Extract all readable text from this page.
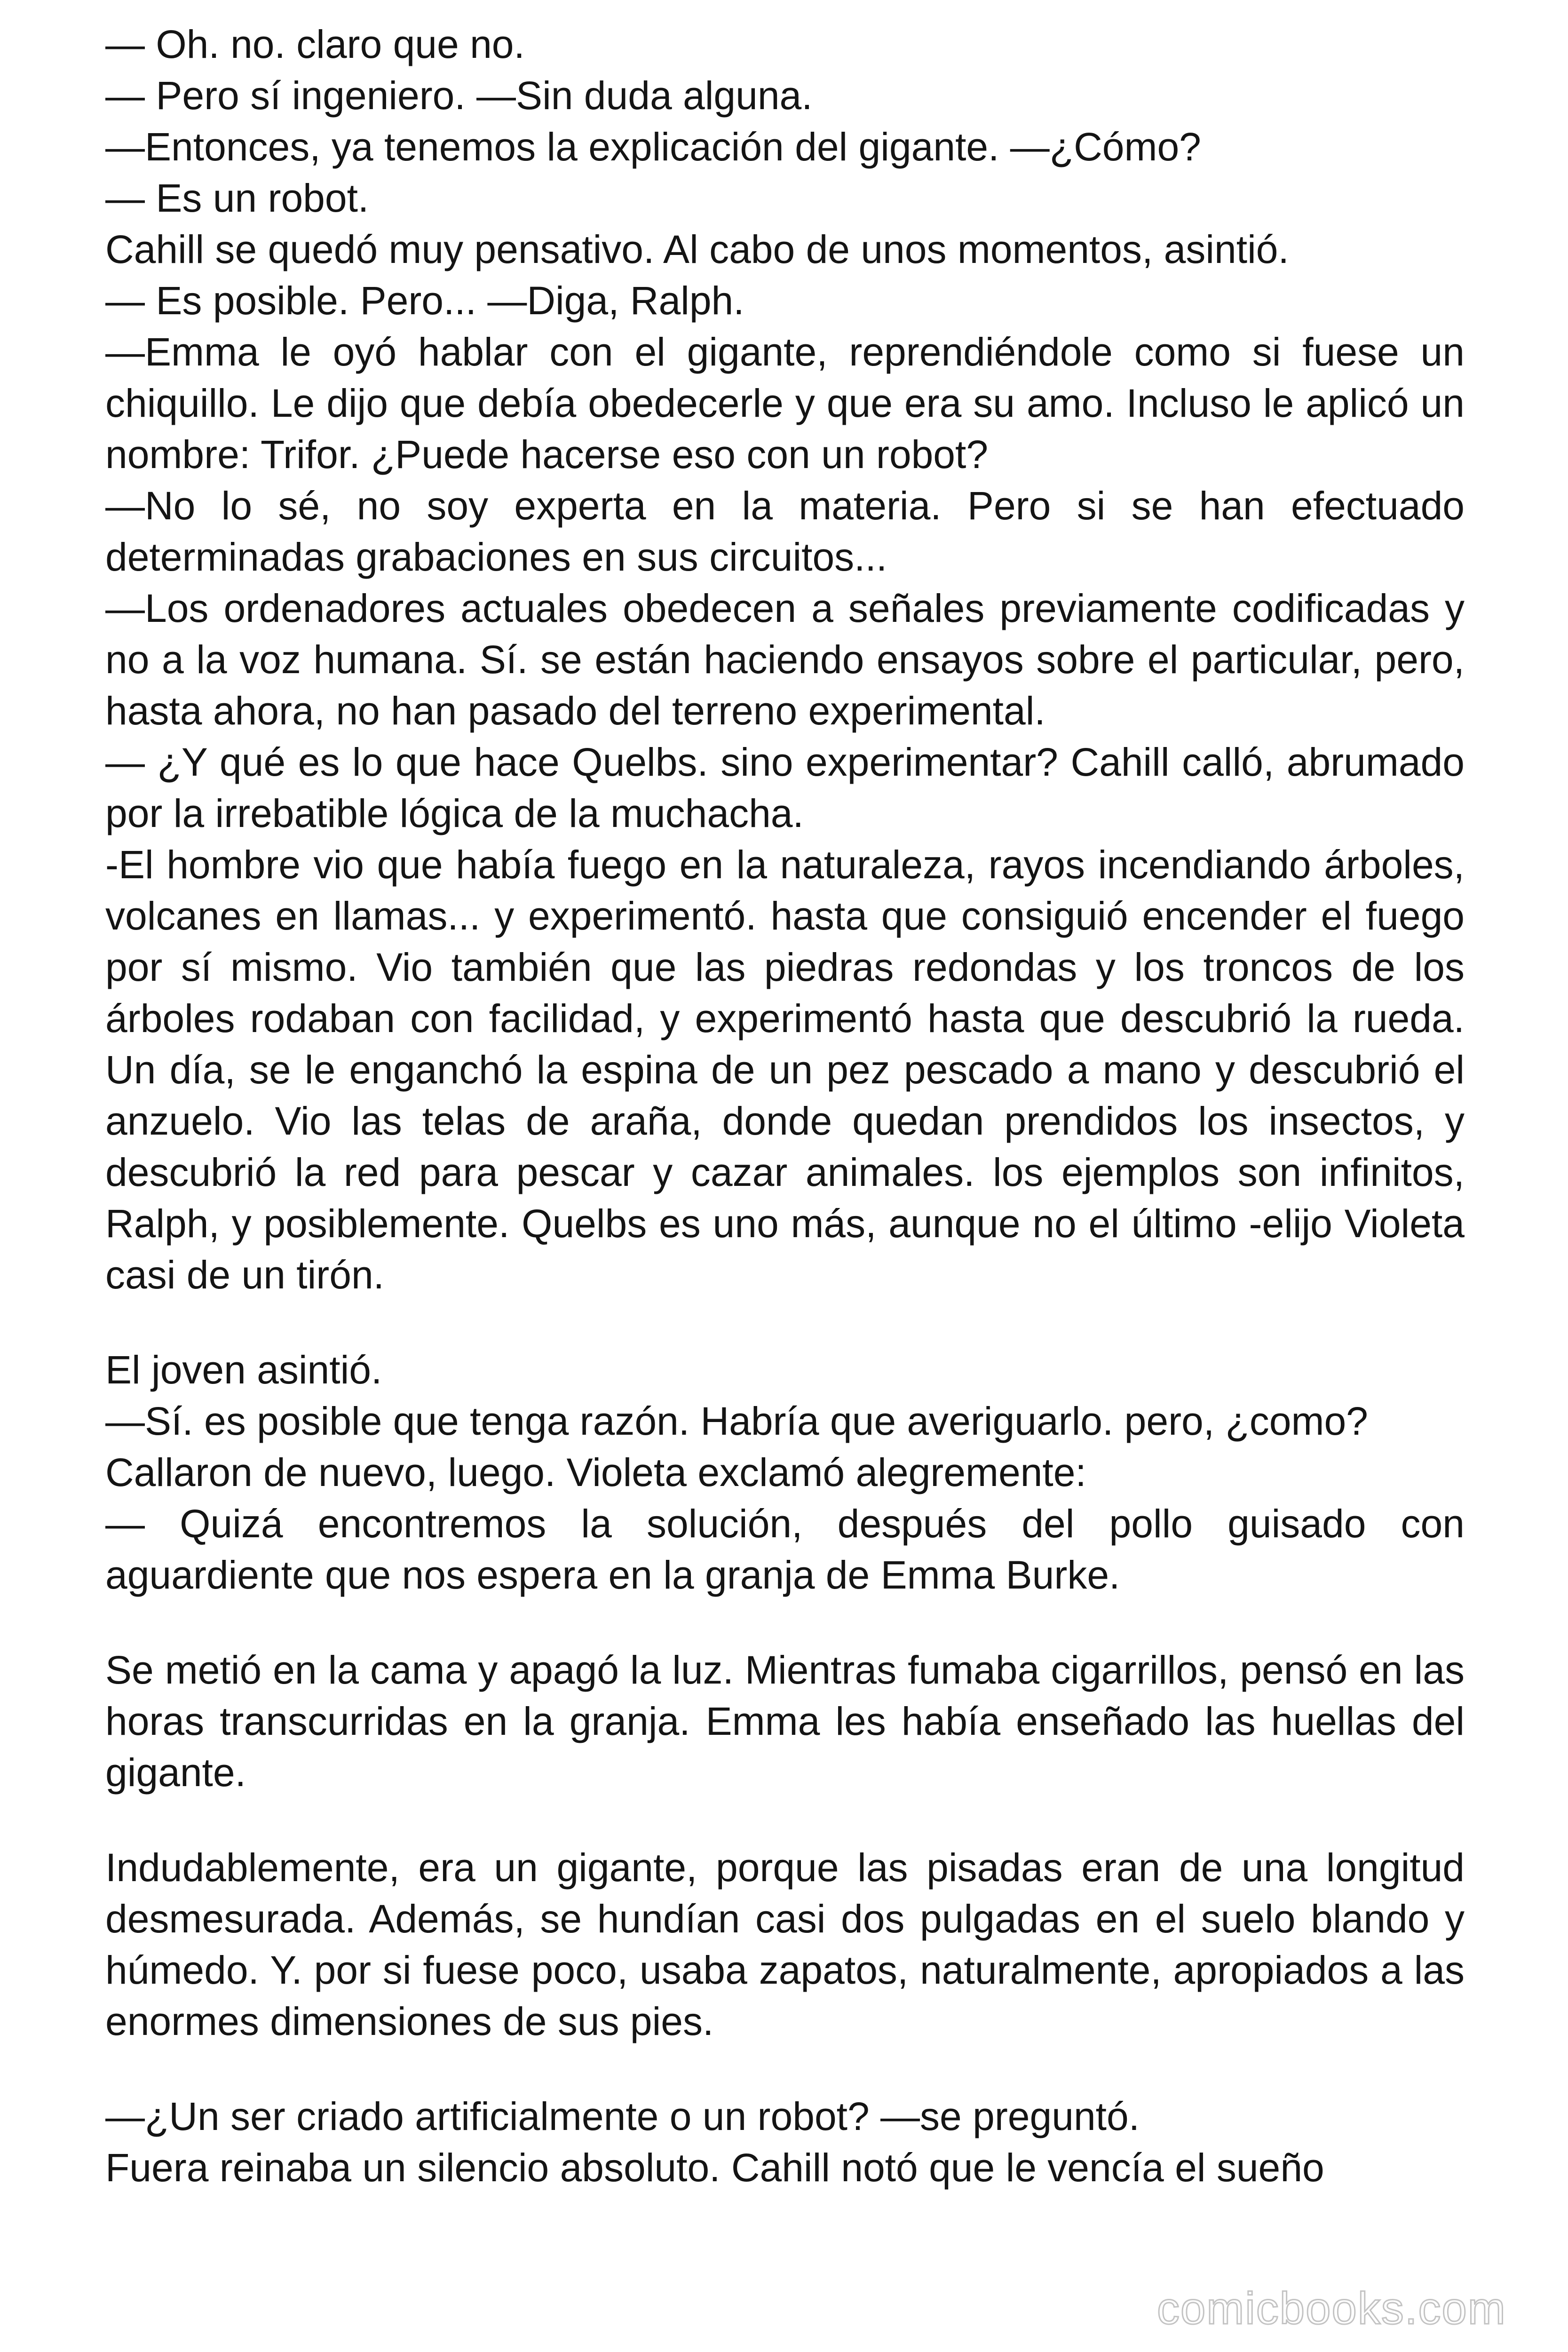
— Oh. no. claro que no.

— Pero sí ingeniero. —Sin duda alguna.

—Entonces, ya tenemos la explicación del gigante. —¿Cómo?

— Es un robot.

Cahill se quedó muy pensativo. Al cabo de unos momentos, asintió.

— Es posible. Pero... —Diga, Ralph.

—Emma le oyó hablar con el gigante, reprendiéndole como si fuese un chiquillo. Le dijo que debía obedecerle y que era su amo. Incluso le aplicó un nombre: Trifor. ¿Puede hacerse eso con un robot?

—No lo sé, no soy experta en la materia. Pero si se han efectuado determinadas grabaciones en sus circuitos...

—Los ordenadores actuales obedecen a señales previamente codificadas y no a la voz humana. Sí. se están haciendo ensayos sobre el particular, pero, hasta ahora, no han pasado del terreno experimental.

— ¿Y qué es lo que hace Quelbs. sino experimentar? Cahill calló, abrumado por la irrebatible lógica de la muchacha.

-El hombre vio que había fuego en la naturaleza, rayos incendiando árboles, volcanes en llamas... y experimentó. hasta que consiguió encender el fuego por sí mismo. Vio también que las piedras redondas y los troncos de los árboles rodaban con facilidad, y experimentó hasta que descubrió la rueda. Un día, se le enganchó la espina de un pez pescado a mano y descubrió el anzuelo. Vio las telas de araña, donde quedan prendidos los insectos, y descubrió la red para pescar y cazar animales. los ejemplos son infinitos, Ralph, y posiblemente. Quelbs es uno más, aunque no el último -elijo Violeta casi de un tirón.

El joven asintió.

—Sí. es posible que tenga razón. Habría que averiguarlo. pero, ¿como?

Callaron de nuevo, luego. Violeta exclamó alegremente:

— Quizá encontremos la solución, después del pollo guisado con aguardiente que nos espera en la granja de Emma Burke.

Se metió en la cama y apagó la luz. Mientras fumaba cigarrillos, pensó en las horas transcurridas en la granja. Emma les había enseñado las huellas del gigante.

Indudablemente, era un gigante, porque las pisadas eran de una longitud desmesurada. Además, se hundían casi dos pulgadas en el suelo blando y húmedo. Y. por si fuese poco, usaba zapatos, naturalmente, apropiados a las enormes dimensiones de sus pies.

—¿Un ser criado artificialmente o un robot? —se preguntó.

Fuera reinaba un silencio absoluto. Cahill notó que le vencía el sueño

comicbooks.com
